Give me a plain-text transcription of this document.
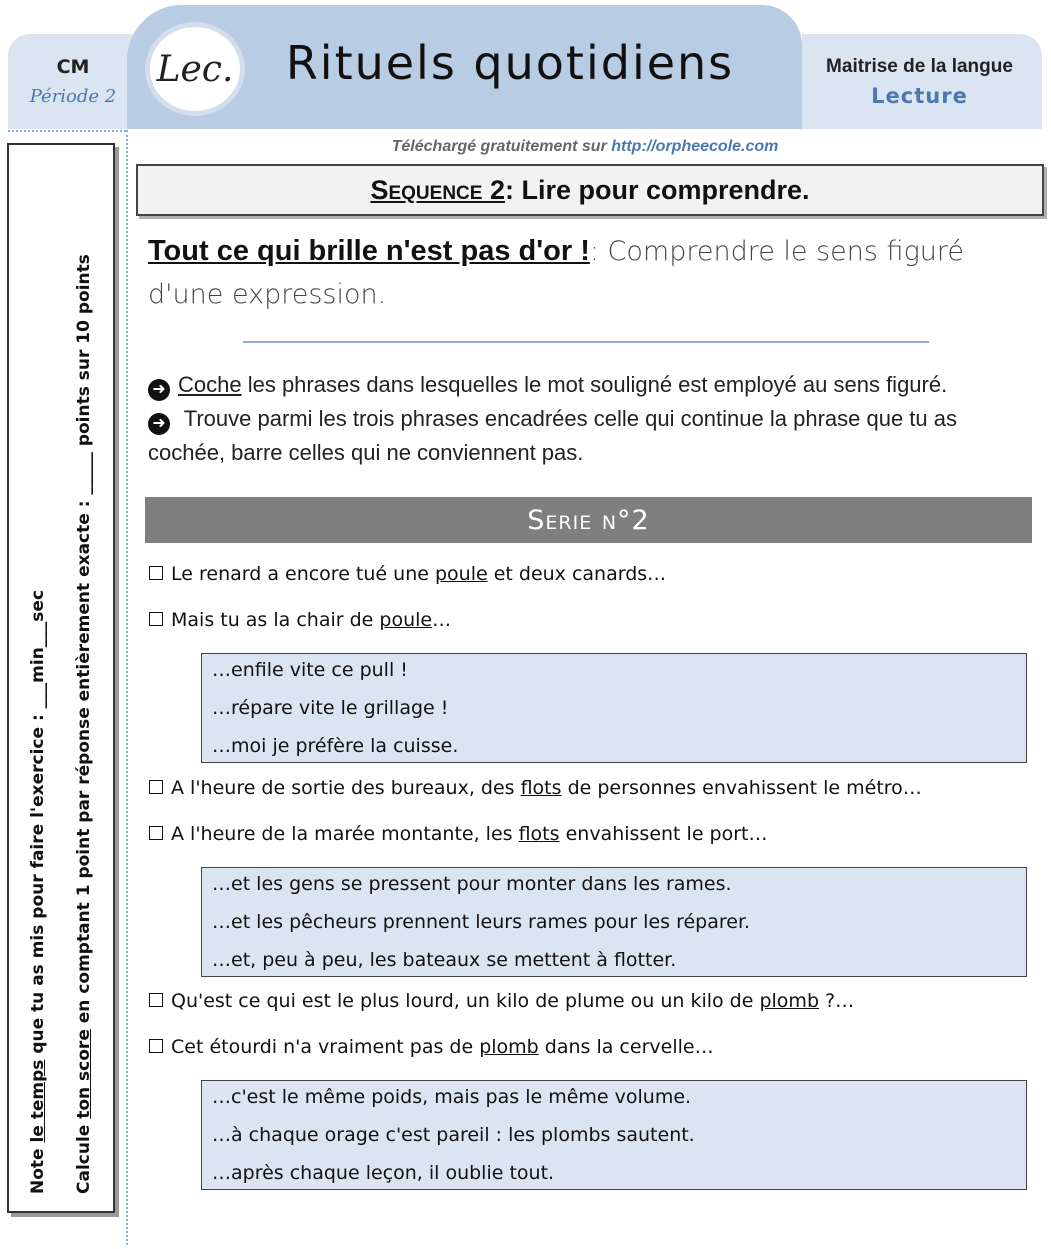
CM
Période 2
Lec.	Rituels quotidiens	Maitrise de la langue
Lecture
Note le temps que tu as mis pour faire l'exercice : ___min___sec
Calcule ton score en comptant 1 point par réponse entièrement exacte : _____ points sur 10 points
Téléchargé gratuitement sur http://orpheecole.com
Sequence 2 : Lire pour comprendre.
Tout ce qui brille n'est pas d'or !: Comprendre le sens figuré d'une expression.
➜ Coche les phrases dans lesquelles le mot souligné est employé au sens figuré.
➜ Trouve parmi les trois phrases encadrées celle qui continue la phrase que tu as cochée, barre celles qui ne conviennent pas.
Serie n°2
Le renard a encore tué une poule et deux canards…
Mais tu as la chair de poule…
…enfile vite ce pull !
…répare vite le grillage !
…moi je préfère la cuisse.
A l'heure de sortie des bureaux, des flots de personnes envahissent le métro…
A l'heure de la marée montante, les flots envahissent le port…
…et les gens se pressent pour monter dans les rames.
…et les pêcheurs prennent leurs rames pour les réparer.
…et, peu à peu, les bateaux se mettent à flotter.
Qu'est ce qui est le plus lourd, un kilo de plume ou un kilo de plomb ?…
Cet étourdi n'a vraiment pas de plomb dans la cervelle…
…c'est le même poids, mais pas le même volume.
…à chaque orage c'est pareil : les plombs sautent.
…après chaque leçon, il oublie tout.
